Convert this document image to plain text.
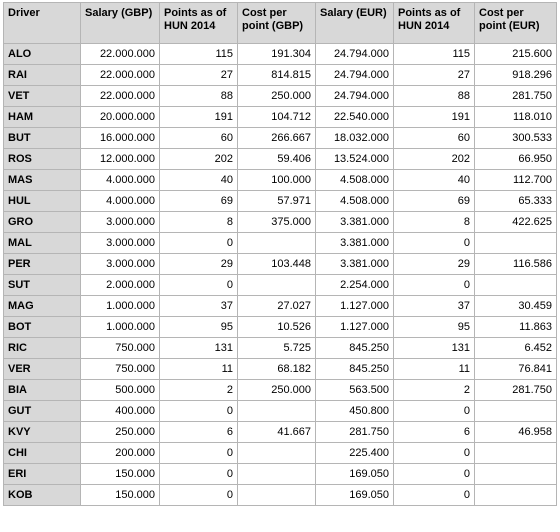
Driver	Salary (GBP)	Points as of HUN 2014	Cost per point (GBP)	Salary (EUR)	Points as of HUN 2014	Cost per point (EUR)
ALO	22.000.000	115	191.304	24.794.000	115	215.600
RAI	22.000.000	27	814.815	24.794.000	27	918.296
VET	22.000.000	88	250.000	24.794.000	88	281.750
HAM	20.000.000	191	104.712	22.540.000	191	118.010
BUT	16.000.000	60	266.667	18.032.000	60	300.533
ROS	12.000.000	202	59.406	13.524.000	202	66.950
MAS	4.000.000	40	100.000	4.508.000	40	112.700
HUL	4.000.000	69	57.971	4.508.000	69	65.333
GRO	3.000.000	8	375.000	3.381.000	8	422.625
MAL	3.000.000	0		3.381.000	0	
PER	3.000.000	29	103.448	3.381.000	29	116.586
SUT	2.000.000	0		2.254.000	0	
MAG	1.000.000	37	27.027	1.127.000	37	30.459
BOT	1.000.000	95	10.526	1.127.000	95	11.863
RIC	750.000	131	5.725	845.250	131	6.452
VER	750.000	11	68.182	845.250	11	76.841
BIA	500.000	2	250.000	563.500	2	281.750
GUT	400.000	0		450.800	0	
KVY	250.000	6	41.667	281.750	6	46.958
CHI	200.000	0		225.400	0	
ERI	150.000	0		169.050	0	
KOB	150.000	0		169.050	0	
